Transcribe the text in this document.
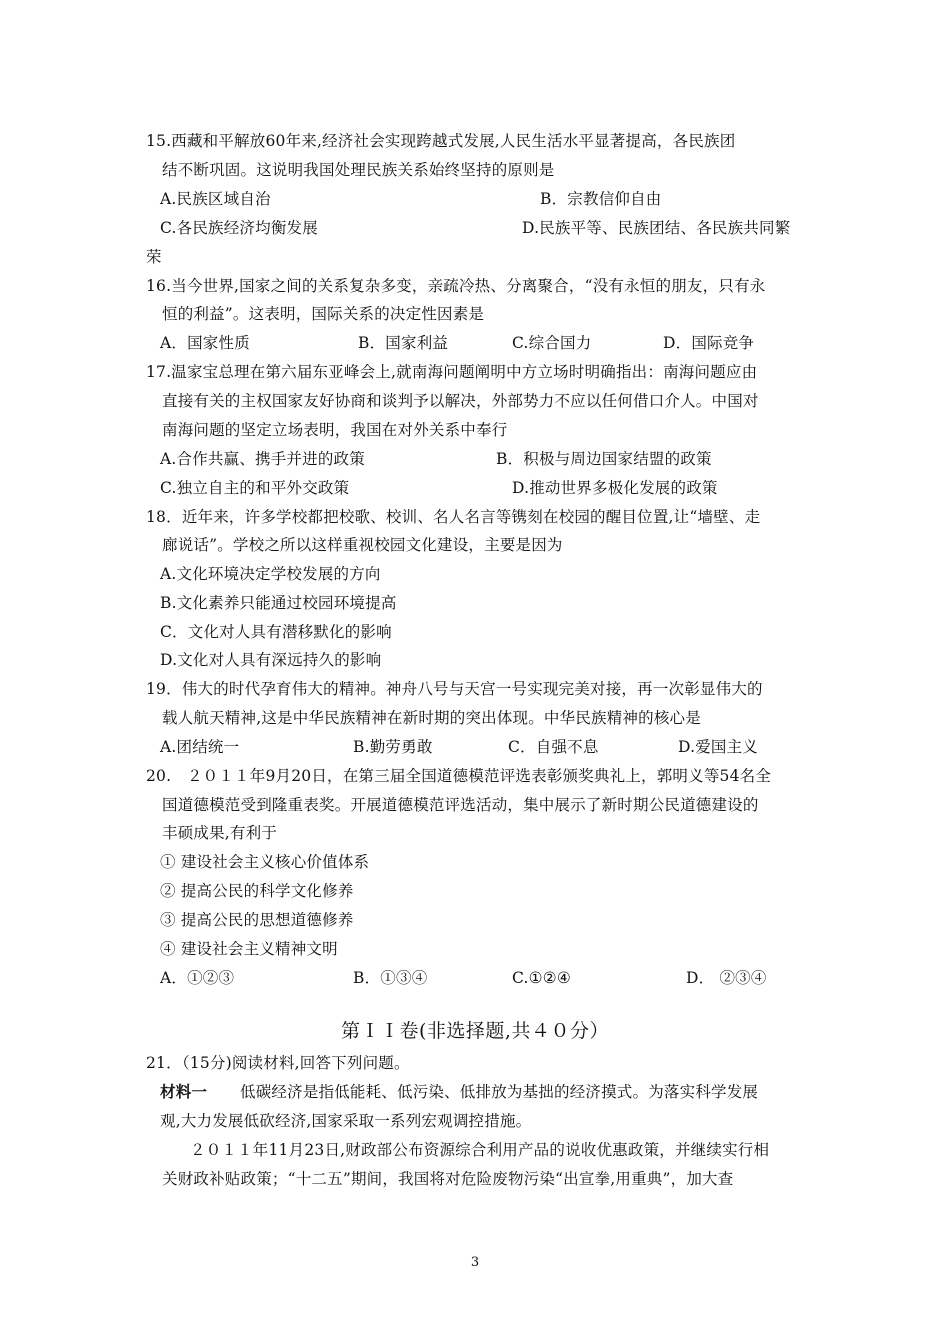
15.西藏和平解放60年来,经济社会实现跨越式发展,人民生活水平显著提高，各民族团
结不断巩固。这说明我国处理民族关系始终坚持的原则是
A.民族区域自治	B．宗教信仰自由
C.各民族经济均衡发展	D.民族平等、民族团结、各民族共同繁
荣
16.当今世界,国家之间的关系复杂多变，亲疏冷热、分离聚合，“没有永恒的朋友，只有永
恒的利益”。这表明，国际关系的决定性因素是
A．国家性质	B．国家利益	C.综合国力	D．国际竞争
17.温家宝总理在第六届东亚峰会上,就南海问题阐明中方立场时明确指出：南海问题应由
直接有关的主权国家友好协商和谈判予以解决，外部势力不应以任何借口介人。中国对
南海问题的坚定立场表明，我国在对外关系中奉行
A.合作共赢、携手并进的政策	B．积极与周边国家结盟的政策
C.独立自主的和平外交政策	D.推动世界多极化发展的政策
18．近年来，许多学校都把校歌、校训、名人名言等镌刻在校园的醒目位置,让“墙壁、走
廊说话”。学校之所以这样重视校园文化建设，主要是因为
A.文化环境决定学校发展的方向
B.文化素养只能通过校园环境提高
C．文化对人具有潜移默化的影响
D.文化对人具有深远持久的影响
19．伟大的时代孕育伟大的精神。神舟八号与天宫一号实现完美对接，再一次彰显伟大的
载人航天精神,这是中华民族精神在新时期的突出体现。中华民族精神的核心是
A.团结统一	B.勤劳勇敢	C．自强不息	D.爱国主义
20.　２０１１年9月20日，在第三届全国道德模范评选表彰颁奖典礼上，郭明义等54名全
国道德模范受到隆重表奖。开展道德模范评选活动，集中展示了新时期公民道德建设的
丰硕成果,有利于
① 建设社会主义核心价值体系
② 提高公民的科学文化修养
③ 提高公民的思想道德修养
④ 建设社会主义精神文明
A．①②③	B．①③④	C.①②④	D． ②③④
第ＩＩ卷(非选择题,共４０分）
21．（15分)阅读材料,回答下列问题。
材料一 低碳经济是指低能耗、低污染、低排放为基拙的经济摸式。为落实科学发展
观,大力发展低砍经济,国家采取一系列宏观调控措施。
２０１１年11月23日,财政部公布资源综合利用产品的说收优惠政策，并继续实行相
关财政补贴政策；“十二五”期间，我国将对危险废物污染“出宣拳,用重典”，加大查
3
